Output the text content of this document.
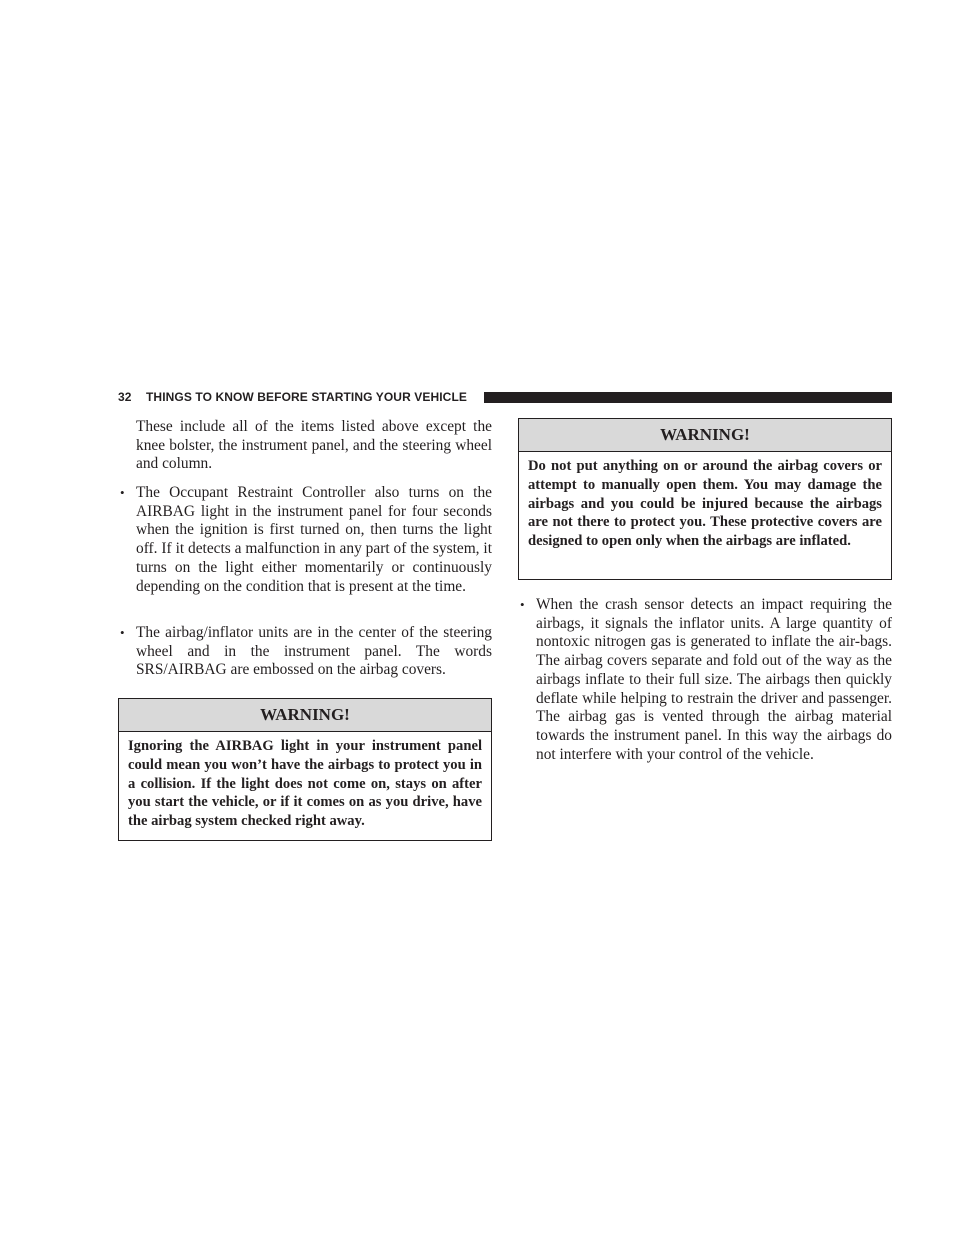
32 THINGS TO KNOW BEFORE STARTING YOUR VEHICLE

These include all of the items listed above except the knee bolster, the instrument panel, and the steering wheel and column.

• The Occupant Restraint Controller also turns on the AIRBAG light in the instrument panel for four seconds when the ignition is first turned on, then turns the light off. If it detects a malfunction in any part of the system, it turns on the light either momentarily or continuously depending on the condition that is present at the time.

• The airbag/inflator units are in the center of the steering wheel and in the instrument panel. The words SRS/AIRBAG are embossed on the airbag covers.

WARNING!

Ignoring the AIRBAG light in your instrument panel could mean you won’t have the airbags to protect you in a collision. If the light does not come on, stays on after you start the vehicle, or if it comes on as you drive, have the airbag system checked right away.

WARNING!

Do not put anything on or around the airbag covers or attempt to manually open them. You may damage the airbags and you could be injured because the airbags are not there to protect you. These protective covers are designed to open only when the airbags are inflated.

• When the crash sensor detects an impact requiring the airbags, it signals the inflator units. A large quantity of nontoxic nitrogen gas is generated to inflate the air-bags. The airbag covers separate and fold out of the way as the airbags inflate to their full size. The airbags then quickly deflate while helping to restrain the driver and passenger. The airbag gas is vented through the airbag material towards the instrument panel. In this way the airbags do not interfere with your control of the vehicle.
